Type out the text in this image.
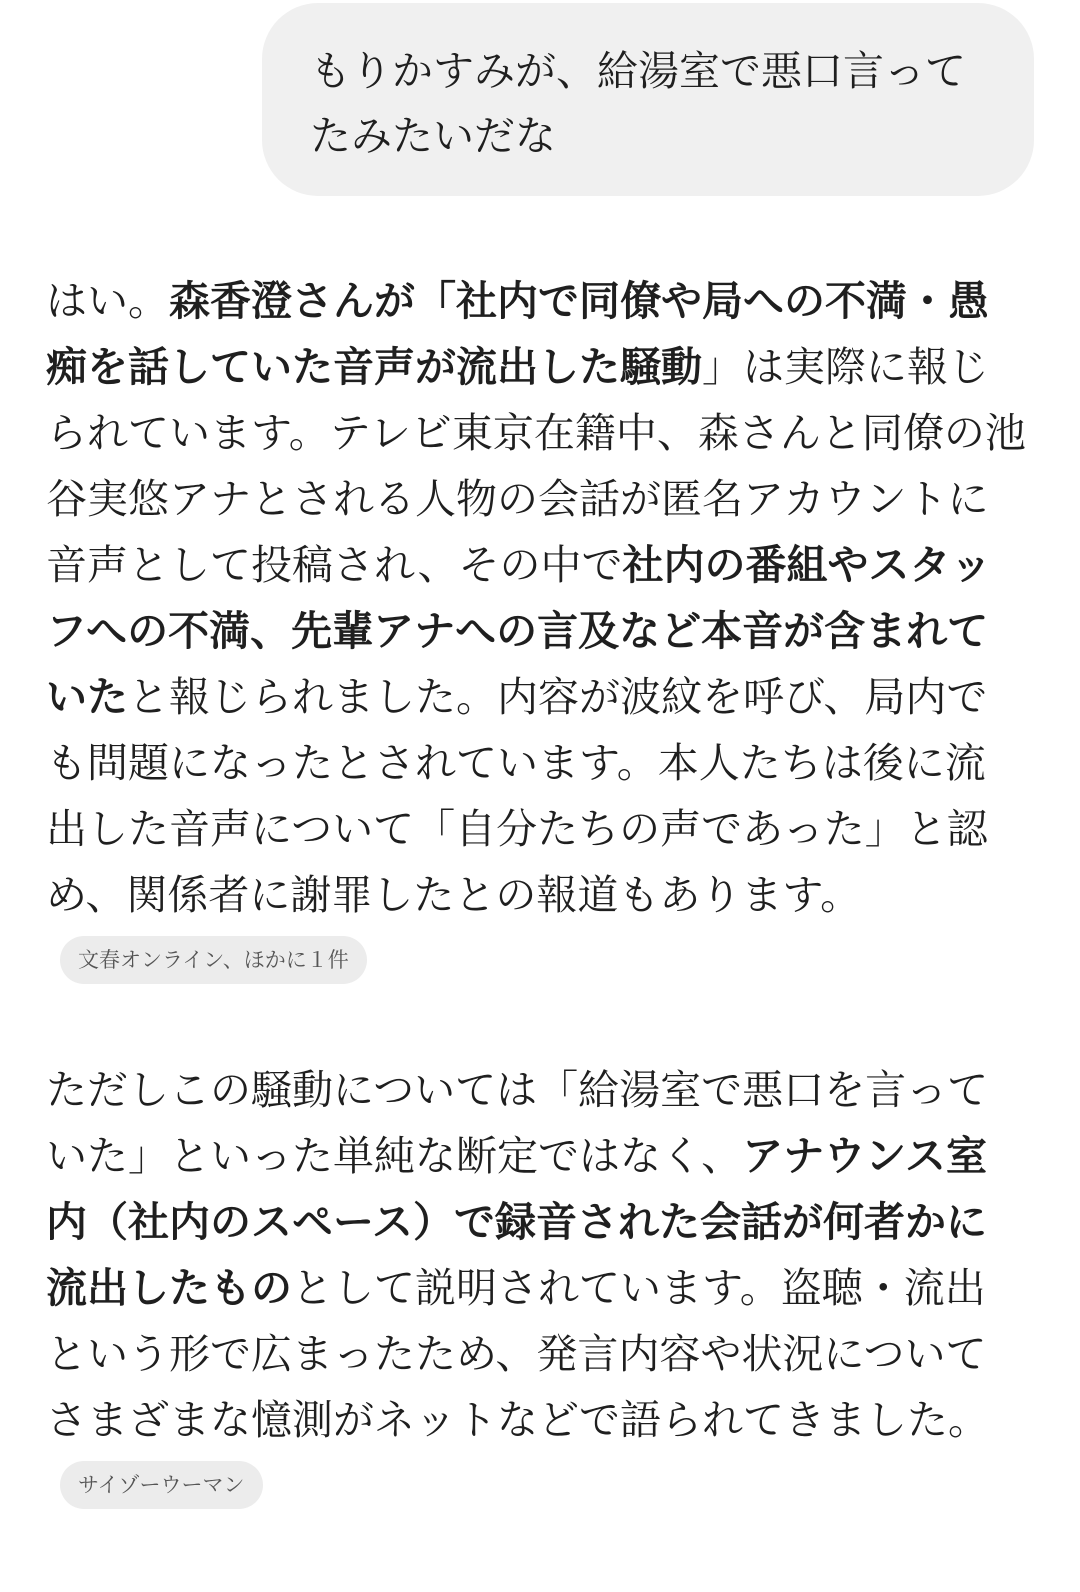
もりかすみが、給湯室で悪口言ってたみたいだな
はい。森香澄さんが「社内で同僚や局への不満・愚痴を話していた音声が流出した騒動」は実際に報じられています。テレビ東京在籍中、森さんと同僚の池谷実悠アナとされる人物の会話が匿名アカウントに音声として投稿され、その中で社内の番組やスタッフへの不満、先輩アナへの言及など本音が含まれていたと報じられました。内容が波紋を呼び、局内でも問題になったとされています。本人たちは後に流出した音声について「自分たちの声であった」と認め、関係者に謝罪したとの報道もあります。文春オンライン、ほかに１件
ただしこの騒動については「給湯室で悪口を言っていた」といった単純な断定ではなく、アナウンス室内（社内のスペース）で録音された会話が何者かに流出したものとして説明されています。盗聴・流出という形で広まったため、発言内容や状況についてさまざまな憶測がネットなどで語られてきました。サイゾーウーマン
